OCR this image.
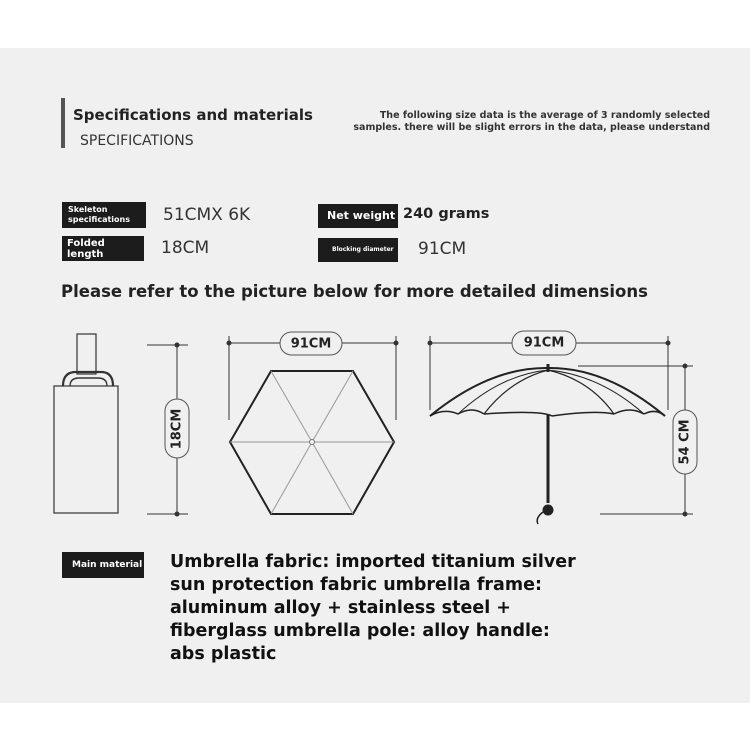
Specifications and materials
SPECIFICATIONS
The following size data is the average of 3 randomly selected
samples. there will be slight errors in the data, please understand
Skeleton
specifications	51CMX 6K	Net weight 240 grams
Folded
length	18CM	Blocking diameter 91CM
Please refer to the picture below for more detailed dimensions
18CM
91CM	91CM
54 CM
Main material Umbrella fabric: imported titanium silver
sun protection fabric umbrella frame:
aluminum alloy + stainless steel +
fiberglass umbrella pole: alloy handle:
abs plastic
